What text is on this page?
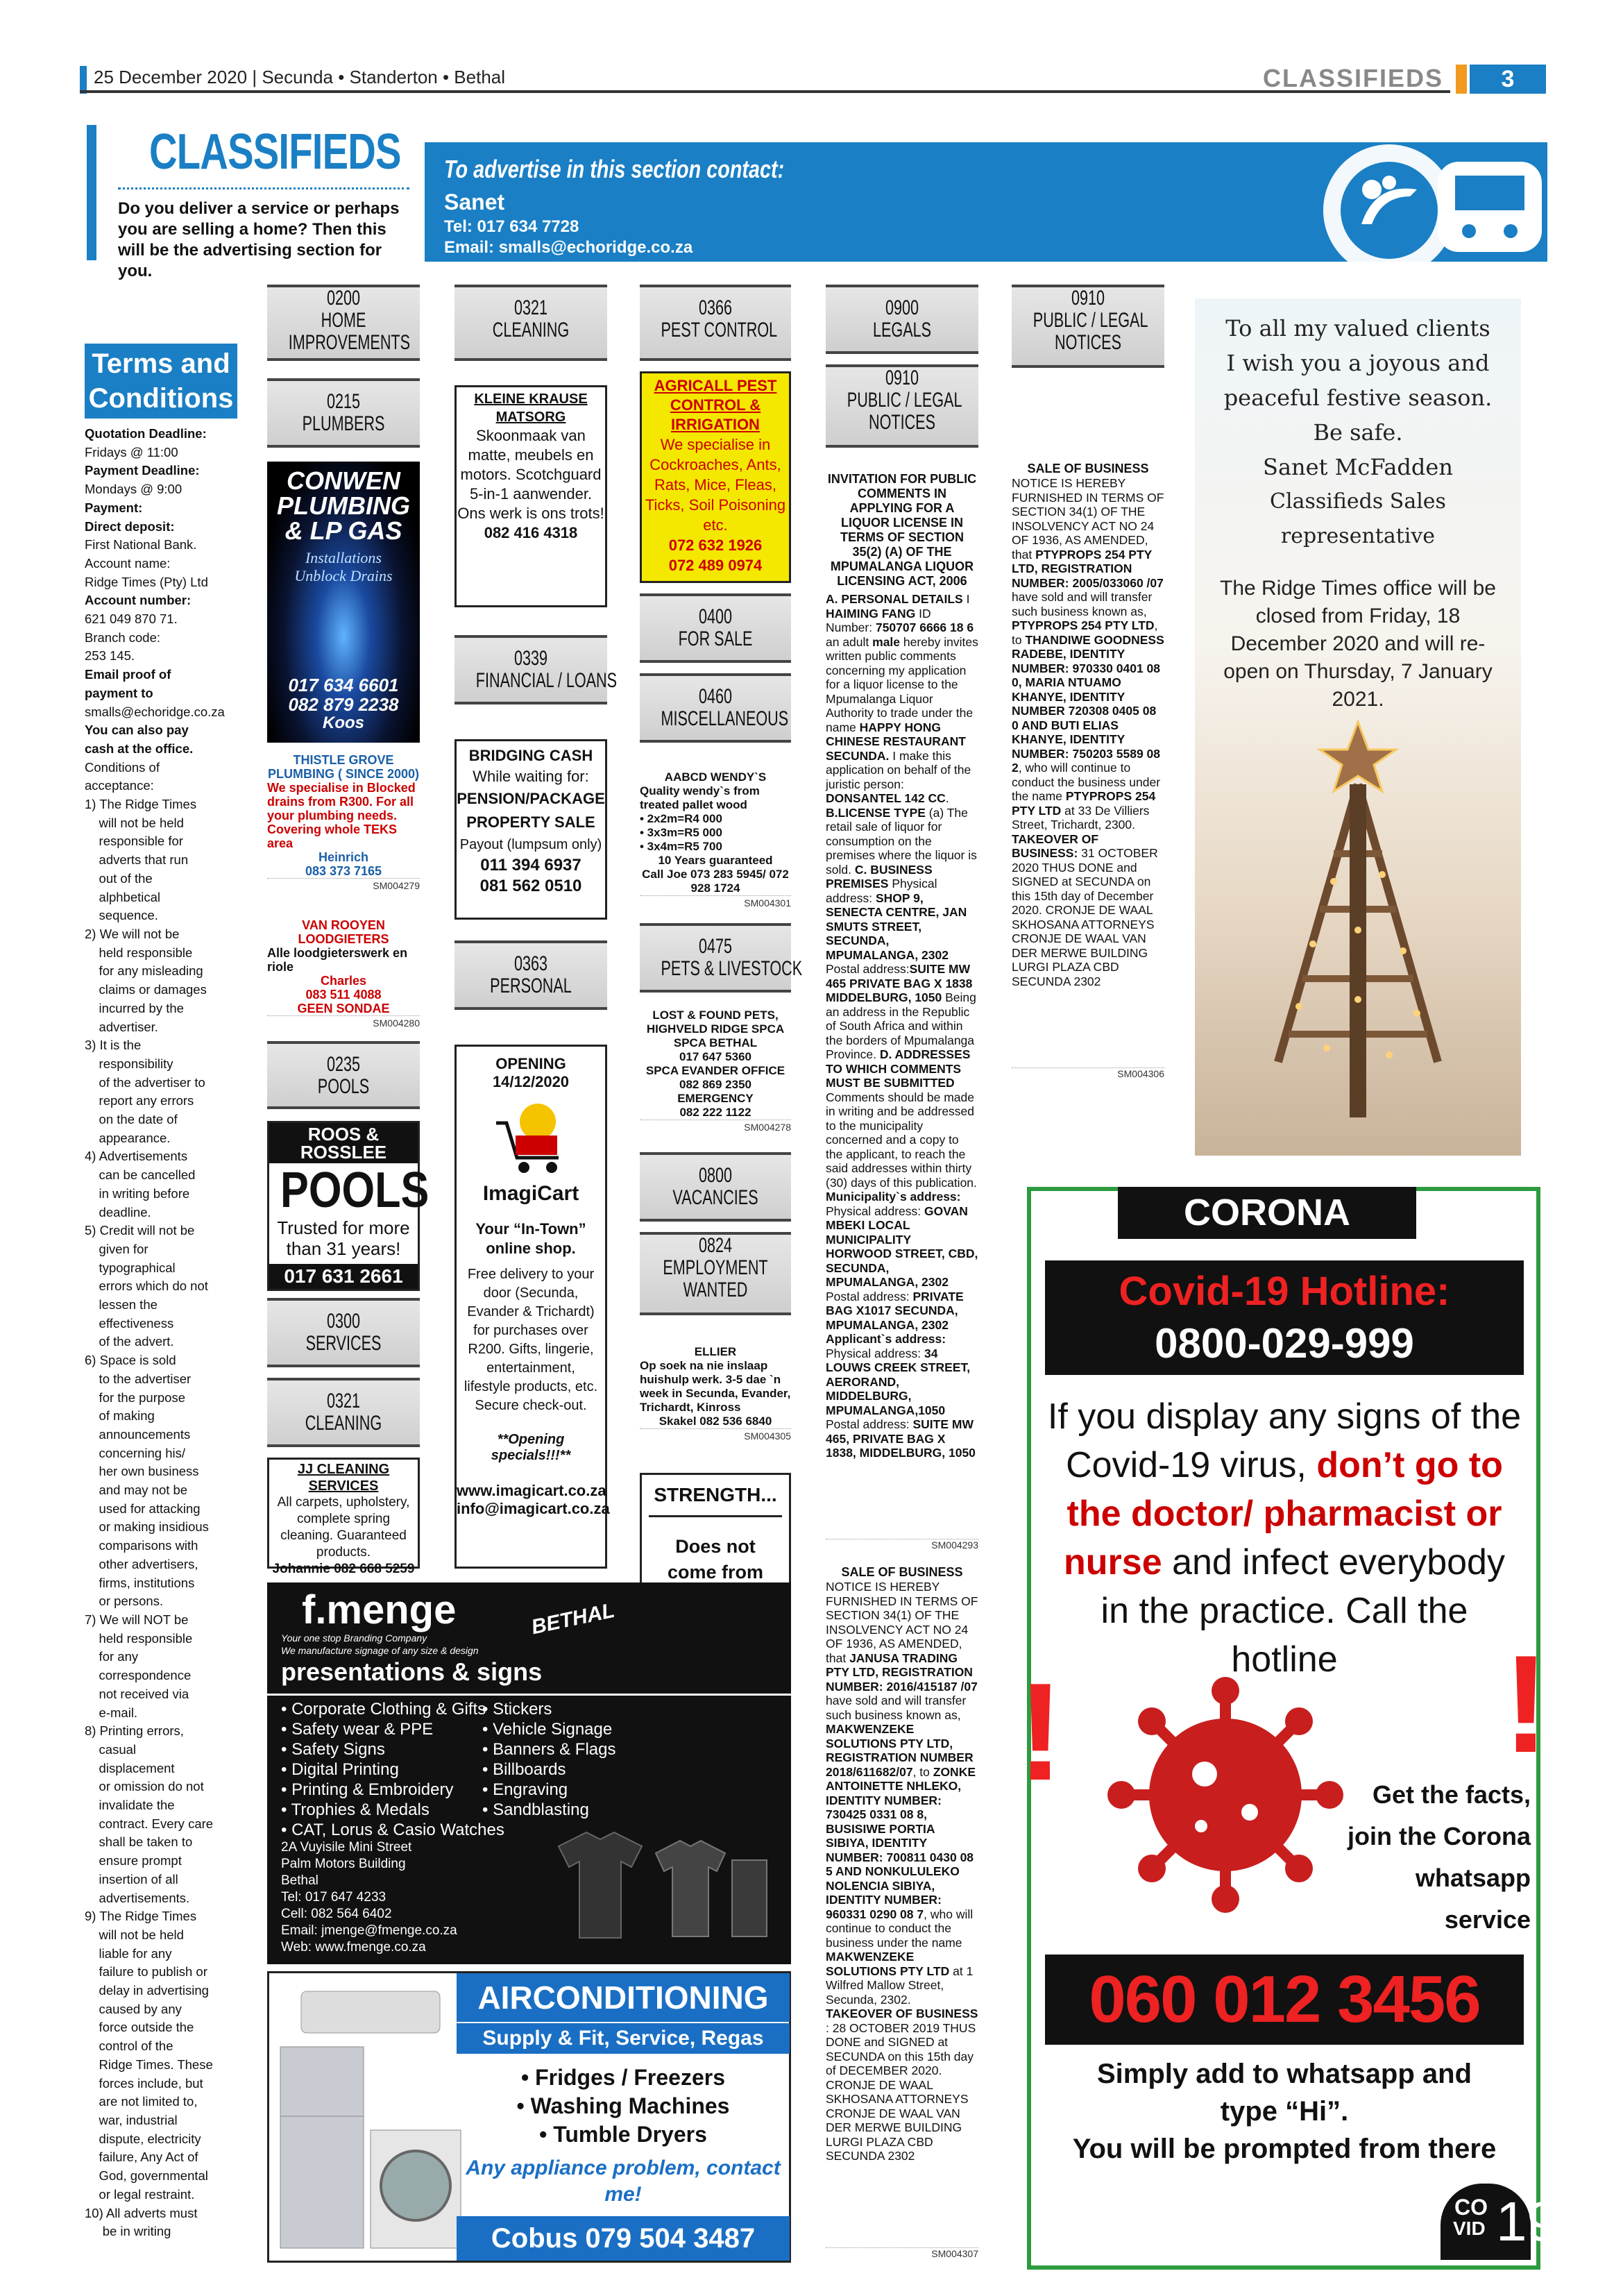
25 December 2020 | Secunda • Standerton • Bethal	CLASSIFIEDS	3
CLASSIFIEDS
Do you deliver a service or perhaps you are selling a home? Then this will be the advertising section for you.
To advertise in this section contact:
Sanet
Tel: 017 634 7728
Email: smalls@echoridge.co.za
Terms and
Conditions
Quotation Deadline:
Fridays @ 11:00
Payment Deadline:
Mondays @ 9:00
Payment:
Direct deposit:
First National Bank.
Account name:
Ridge Times (Pty) Ltd
Account number:
621 049 870 71.
Branch code:
253 145.
Email proof of
payment to
smalls@echoridge.co.za
You can also pay
cash at the office.
Conditions of
acceptance:
1) The Ridge Times
will not be held
responsible for
adverts that run
out of the
alphbetical
sequence.
2) We will not be
held responsible
for any misleading
claims or damages
incurred by the
advertiser.
3) It is the
responsibility
of the advertiser to
report any errors
on the date of
appearance.
4) Advertisements
can be cancelled
in writing before
deadline.
5) Credit will not be
given for
typographical
errors which do not
lessen the
effectiveness
of the advert.
6) Space is sold
to the advertiser
for the purpose
of making
announcements
concerning his/
her own business
and may not be
used for attacking
or making insidious
comparisons with
other advertisers,
firms, institutions
or persons.
7) We will NOT be
held responsible
for any
correspondence
not received via
e-mail.
8) Printing errors,
casual
displacement
or omission do not
invalidate the
contract. Every care
shall be taken to
ensure prompt
insertion of all
advertisements.
9) The Ridge Times
will not be held
liable for any
failure to publish or
delay in advertising
caused by any
force outside the
control of the
Ridge Times. These
forces include, but
are not limited to,
war, industrial
dispute, electricity
failure, Any Act of
God, governmental
or legal restraint.
10) All adverts must
be in writing
0200
HOME
IMPROVEMENTS
0215
PLUMBERS
CONWEN
PLUMBING
& LP GAS
Installations
Unblock Drains
017 634 6601
082 879 2238
Koos
THISTLE GROVE PLUMBING ( SINCE 2000)
We specialise in Blocked drains from R300. For all your plumbing needs. Covering whole TEKS area
Heinrich
083 373 7165
SM004279
VAN ROOYEN LOODGIETERS
Alle loodgieterswerk en riole
Charles
083 511 4088
GEEN SONDAE
SM004280
0235
POOLS
ROOS &
ROSSLEE
POOLS
Trusted for more than 31 years!
017 631 2661
0300
SERVICES
0321
CLEANING
JJ CLEANING SERVICES
All carpets, upholstery, complete spring cleaning. Guaranteed products.
Johannie 082 668 5259
0321
CLEANING
KLEINE KRAUSE MATSORG
Skoonmaak van matte, meubels en motors. Scotchguard 5-in-1 aanwender. Ons werk is ons trots!
082 416 4318
0339
FINANCIAL / LOANS
BRIDGING CASH
While waiting for:
PENSION/PACKAGE PROPERTY SALE
Payout (lumpsum only)
011 394 6937
081 562 0510
0363
PERSONAL
OPENING 14/12/2020
ImagiCart
Your “In-Town” online shop.
Free delivery to your door (Secunda, Evander & Trichardt) for purchases over R200. Gifts, lingerie, entertainment, lifestyle products, etc. Secure check-out.
**Opening specials!!!**
www.imagicart.co.za
info@imagicart.co.za
0366
PEST CONTROL
AGRICALL PEST CONTROL & IRRIGATION
We specialise in Cockroaches, Ants, Rats, Mice, Fleas, Ticks, Soil Poisoning etc.
072 632 1926
072 489 0974
0400
FOR SALE
0460
MISCELLANEOUS
AABCD WENDY`S
Quality wendy`s from treated pallet wood
• 2x2m=R4 000
• 3x3m=R5 000
• 3x4m=R5 700
10 Years guaranteed
Call Joe 073 283 5945/ 072 928 1724
SM004301
0475
PETS & LIVESTOCK
LOST & FOUND PETS, HIGHVELD RIDGE SPCA
SPCA BETHAL
017 647 5360
SPCA EVANDER OFFICE
082 869 2350
EMERGENCY
082 222 1122
SM004278
0800
VACANCIES
0824
EMPLOYMENT
WANTED
ELLIER
Op soek na nie inslaap huishulp werk. 3-5 dae `n week in Secunda, Evander, Trichardt, Kinross
Skakel 082 536 6840
SM004305
STRENGTH...
Does not come from
f.menge
Your one stop Branding Company
We manufacture signage of any size & design
BETHAL
presentations & signs
• Corporate Clothing & Gifts
• Safety wear & PPE
• Safety Signs
• Digital Printing
• Printing & Embroidery
• Trophies & Medals
• CAT, Lorus & Casio Watches
• Stickers
• Vehicle Signage
• Banners & Flags
• Billboards
• Engraving
• Sandblasting
2A Vuyisile Mini Street
Palm Motors Building
Bethal
Tel: 017 647 4233
Cell: 082 564 6402
Email: jmenge@fmenge.co.za
Web: www.fmenge.co.za
AIRCONDITIONING
Supply & Fit, Service, Regas
• Fridges / Freezers
• Washing Machines
• Tumble Dryers
Any appliance problem, contact me!
Cobus 079 504 3487
0900
LEGALS
0910
PUBLIC / LEGAL
NOTICES
INVITATION FOR PUBLIC COMMENTS IN APPLYING FOR A LIQUOR LICENSE IN TERMS OF SECTION 35(2) (A) OF THE MPUMALANGA LIQUOR LICENSING ACT, 2006
A. PERSONAL DETAILS I HAIMING FANG ID Number: 750707 6666 18 6 an adult male hereby invites written public comments concerning my application for a liquor license to the Mpumalanga Liquor Authority to trade under the name HAPPY HONG CHINESE RESTAURANT SECUNDA. I make this application on behalf of the juristic person: DONSANTEL 142 CC. B.LICENSE TYPE (a) The retail sale of liquor for consumption on the premises where the liquor is sold. C. BUSINESS PREMISES Physical address: SHOP 9, SENECTA CENTRE, JAN SMUTS STREET, SECUNDA, MPUMALANGA, 2302 Postal address:SUITE MW 465 PRIVATE BAG X 1838 MIDDELBURG, 1050 Being an address in the Republic of South Africa and within the borders of Mpumalanga Province. D. ADDRESSES TO WHICH COMMENTS MUST BE SUBMITTED Comments should be made in writing and be addressed to the municipality concerned and a copy to the applicant, to reach the said addresses within thirty (30) days of this publication. Municipality`s address: Physical address: GOVAN MBEKI LOCAL MUNICIPALITY HORWOOD STREET, CBD, SECUNDA, MPUMALANGA, 2302 Postal address: PRIVATE BAG X1017 SECUNDA, MPUMALANGA, 2302 Applicant`s address: Physical address: 34 LOUWS CREEK STREET, AERORAND, MIDDELBURG, MPUMALANGA,1050 Postal address: SUITE MW 465, PRIVATE BAG X 1838, MIDDELBURG, 1050
SM004293
SALE OF BUSINESS
NOTICE IS HEREBY FURNISHED IN TERMS OF SECTION 34(1) OF THE INSOLVENCY ACT NO 24 OF 1936, AS AMENDED, that JANUSA TRADING PTY LTD, REGISTRATION NUMBER: 2016/415187 /07 have sold and will transfer such business known as, MAKWENZEKE SOLUTIONS PTY LTD, REGISTRATION NUMBER 2018/611682/07, to ZONKE ANTOINETTE NHLEKO, IDENTITY NUMBER: 730425 0331 08 8, BUSISIWE PORTIA SIBIYA, IDENTITY NUMBER: 700811 0430 08 5 AND NONKULULEKO NOLENCIA SIBIYA, IDENTITY NUMBER: 960331 0290 08 7, who will continue to conduct the business under the name MAKWENZEKE SOLUTIONS PTY LTD at 1 Wilfred Mallow Street, Secunda, 2302. TAKEOVER OF BUSINESS : 28 OCTOBER 2019 THUS DONE and SIGNED at SECUNDA on this 15th day of DECEMBER 2020. CRONJE DE WAAL SKHOSANA ATTORNEYS CRONJE DE WAAL VAN DER MERWE BUILDING LURGI PLAZA CBD SECUNDA 2302
SM004307
0910
PUBLIC / LEGAL
NOTICES
SALE OF BUSINESS
NOTICE IS HEREBY FURNISHED IN TERMS OF SECTION 34(1) OF THE INSOLVENCY ACT NO 24 OF 1936, AS AMENDED, that PTYPROPS 254 PTY LTD, REGISTRATION NUMBER: 2005/033060 /07 have sold and will transfer such business known as, PTYPROPS 254 PTY LTD, to THANDIWE GOODNESS RADEBE, IDENTITY NUMBER: 970330 0401 08 0, MARIA NTUAMO KHANYE, IDENTITY NUMBER 720308 0405 08 0 AND BUTI ELIAS KHANYE, IDENTITY NUMBER: 750203 5589 08 2, who will continue to conduct the business under the name PTYPROPS 254 PTY LTD at 33 De Villiers Street, Trichardt, 2300. TAKEOVER OF BUSINESS: 31 OCTOBER 2020 THUS DONE and SIGNED at SECUNDA on this 15th day of December 2020. CRONJE DE WAAL SKHOSANA ATTORNEYS CRONJE DE WAAL VAN DER MERWE BUILDING LURGI PLAZA CBD SECUNDA 2302
SM004306
To all my valued clients
I wish you a joyous and peaceful festive season.
Be safe.
Sanet McFadden
Classifieds Sales representative
The Ridge Times office will be closed from Friday, 18 December 2020 and will re-open on Thursday, 7 January 2021.
CORONA
Covid-19 Hotline:
0800-029-999
If you display any signs of the Covid-19 virus, don’t go to the doctor/ pharmacist or nurse and infect everybody in the practice. Call the hotline
!	!
Get the facts,
join the Corona
whatsapp
service
060 012 3456
Simply add to whatsapp and
type “Hi”.
You will be prompted from there
CO
VID 19
